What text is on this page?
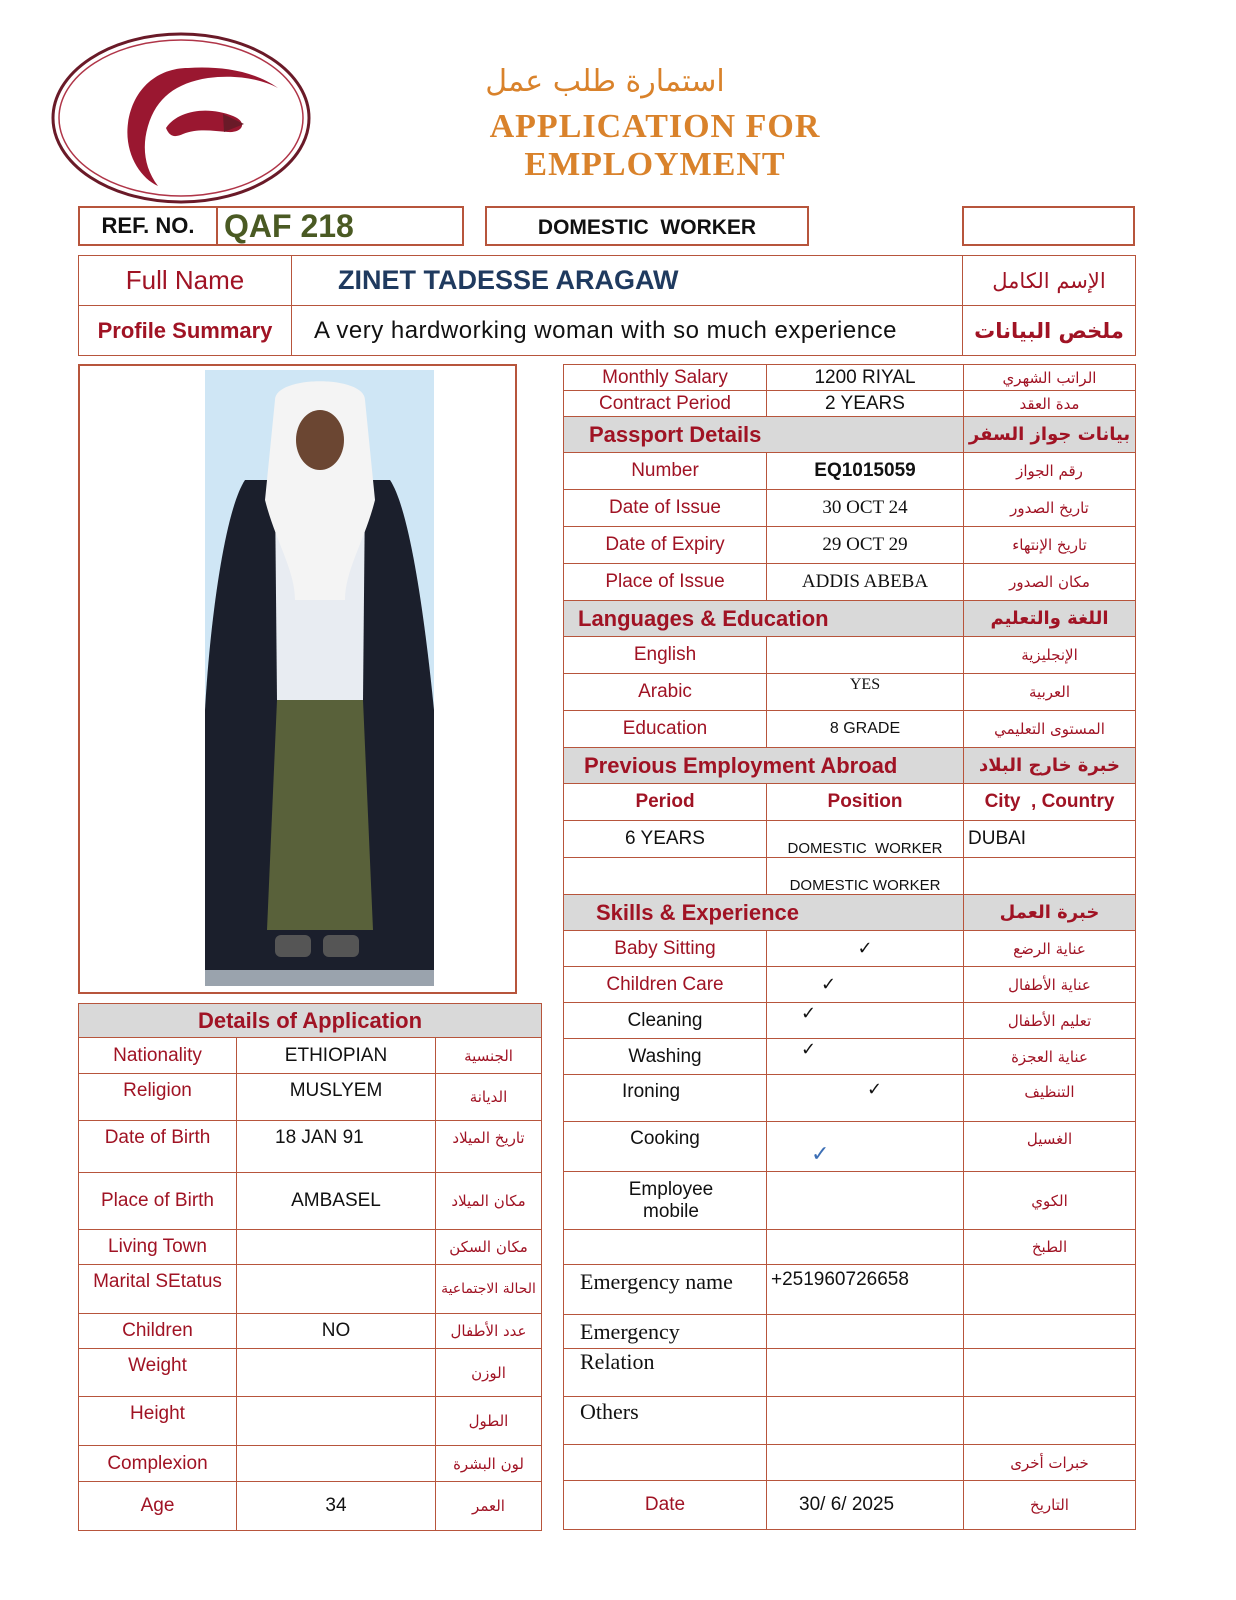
استمارة طلب عمل
APPLICATION FOR EMPLOYMENT
REF. NO. QAF 218	DOMESTIC  WORKER
Full Name	ZINET TADESSE ARAGAW	الإسم الكامل
Profile Summary	A very hardworking woman with so much experience	ملخص البيانات
Monthly Salary	1200 RIYAL	الراتب الشهري
Contract Period	2 YEARS	مدة العقد
Passport Details		بيانات جواز السفر
Number	EQ1015059	رقم الجواز
Date of Issue	30 OCT 24	تاريخ الصدور
Date of Expiry	29 OCT 29	تاريخ الإنتهاء
Place of Issue	ADDIS ABEBA	مكان الصدور
Languages & Education		اللغة والتعليم
English		الإنجليزية
Arabic	YES	العربية
Education	8 GRADE	المستوى التعليمي
Previous Employment Abroad		خبرة خارج البلاد
Period	Position	City  , Country
6 YEARS	DOMESTIC  WORKER	DUBAI
	DOMESTIC WORKER	
Skills & Experience		خبرة العمل
Baby Sitting	✓	عناية الرضع
Children Care	✓	عناية الأطفال
Cleaning	✓	تعليم الأطفال
Washing	✓	عناية العجزة
Ironing	✓	التنظيف
Cooking	✓	الغسيل
Employee mobile		الكوي
		الطبخ
Emergency name	+251960726658	
Emergency		
Relation		
Others		
		خبرات أخرى
Date	30/ 6/ 2025	التاريخ
Details of Application		
Nationality	ETHIOPIAN	الجنسية
Religion	MUSLYEM	الديانة
Date of Birth	18 JAN 91	تاريخ الميلاد
Place of Birth	AMBASEL	مكان الميلاد
Living Town		مكان السكن
Marital SEtatus		الحالة الاجتماعية
Children	NO	عدد الأطفال
Weight		الوزن
Height		الطول
Complexion		لون البشرة
Age	34	العمر
